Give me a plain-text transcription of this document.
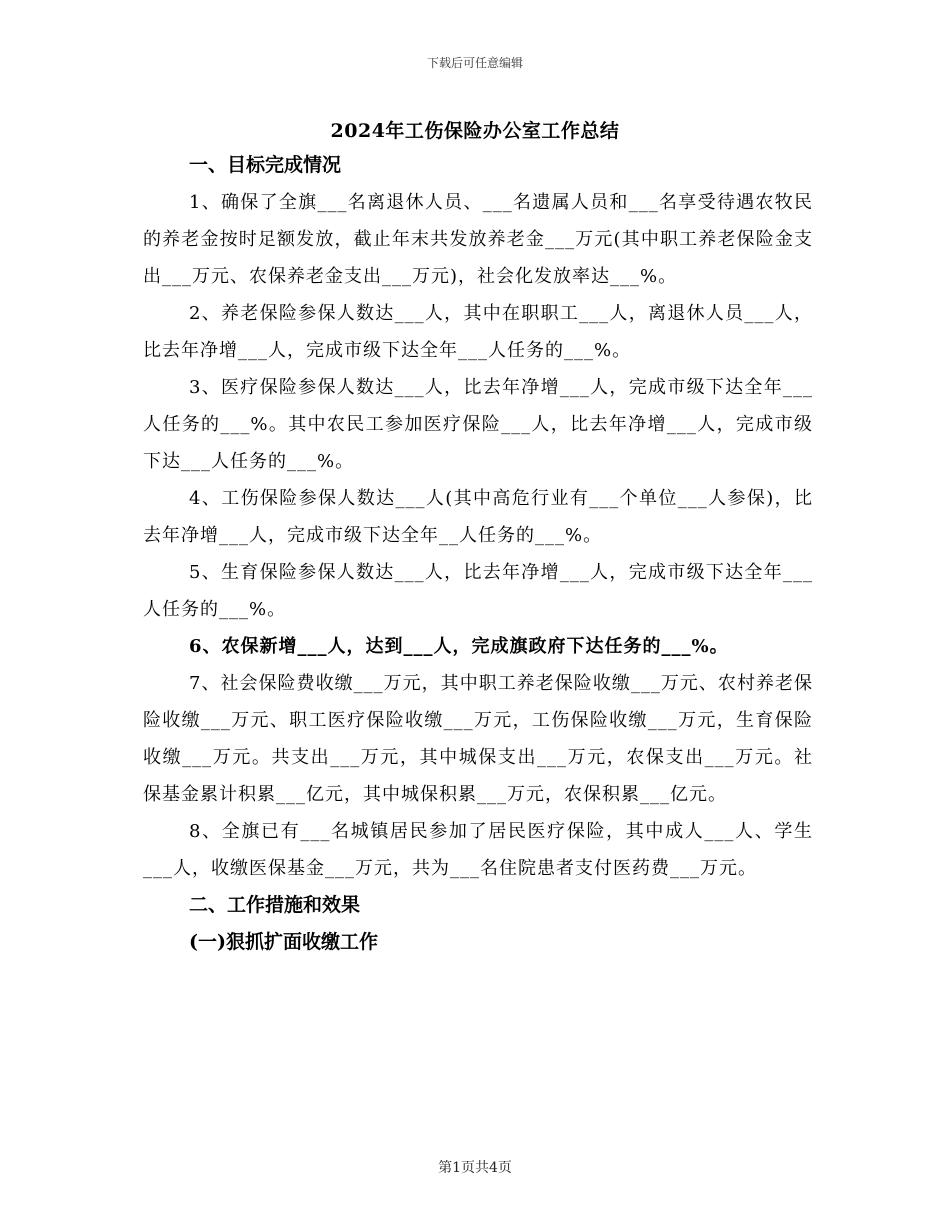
下载后可任意编辑
2024年工伤保险办公室工作总结
一、目标完成情况
1、确保了全旗___名离退休人员、___名遗属人员和___名享受待遇农牧民的养老金按时足额发放，截止年末共发放养老金___万元(其中职工养老保险金支出___万元、农保养老金支出___万元)，社会化发放率达___%。
2、养老保险参保人数达___人，其中在职职工___人，离退休人员___人，比去年净增___人，完成市级下达全年___人任务的___%。
3、医疗保险参保人数达___人，比去年净增___人，完成市级下达全年___人任务的___%。其中农民工参加医疗保险___人，比去年净增___人，完成市级下达___人任务的___%。
4、工伤保险参保人数达___人(其中高危行业有___个单位___人参保)，比去年净增___人，完成市级下达全年__人任务的___%。
5、生育保险参保人数达___人，比去年净增___人，完成市级下达全年___人任务的___%。
6、农保新增___人，达到___人，完成旗政府下达任务的___%。
7、社会保险费收缴___万元，其中职工养老保险收缴___万元、农村养老保险收缴___万元、职工医疗保险收缴___万元，工伤保险收缴___万元，生育保险收缴___万元。共支出___万元，其中城保支出___万元，农保支出___万元。社保基金累计积累___亿元，其中城保积累___万元，农保积累___亿元。
8、全旗已有___名城镇居民参加了居民医疗保险，其中成人___人、学生___人，收缴医保基金___万元，共为___名住院患者支付医药费___万元。
二、工作措施和效果
(一)狠抓扩面收缴工作
第1页共4页
